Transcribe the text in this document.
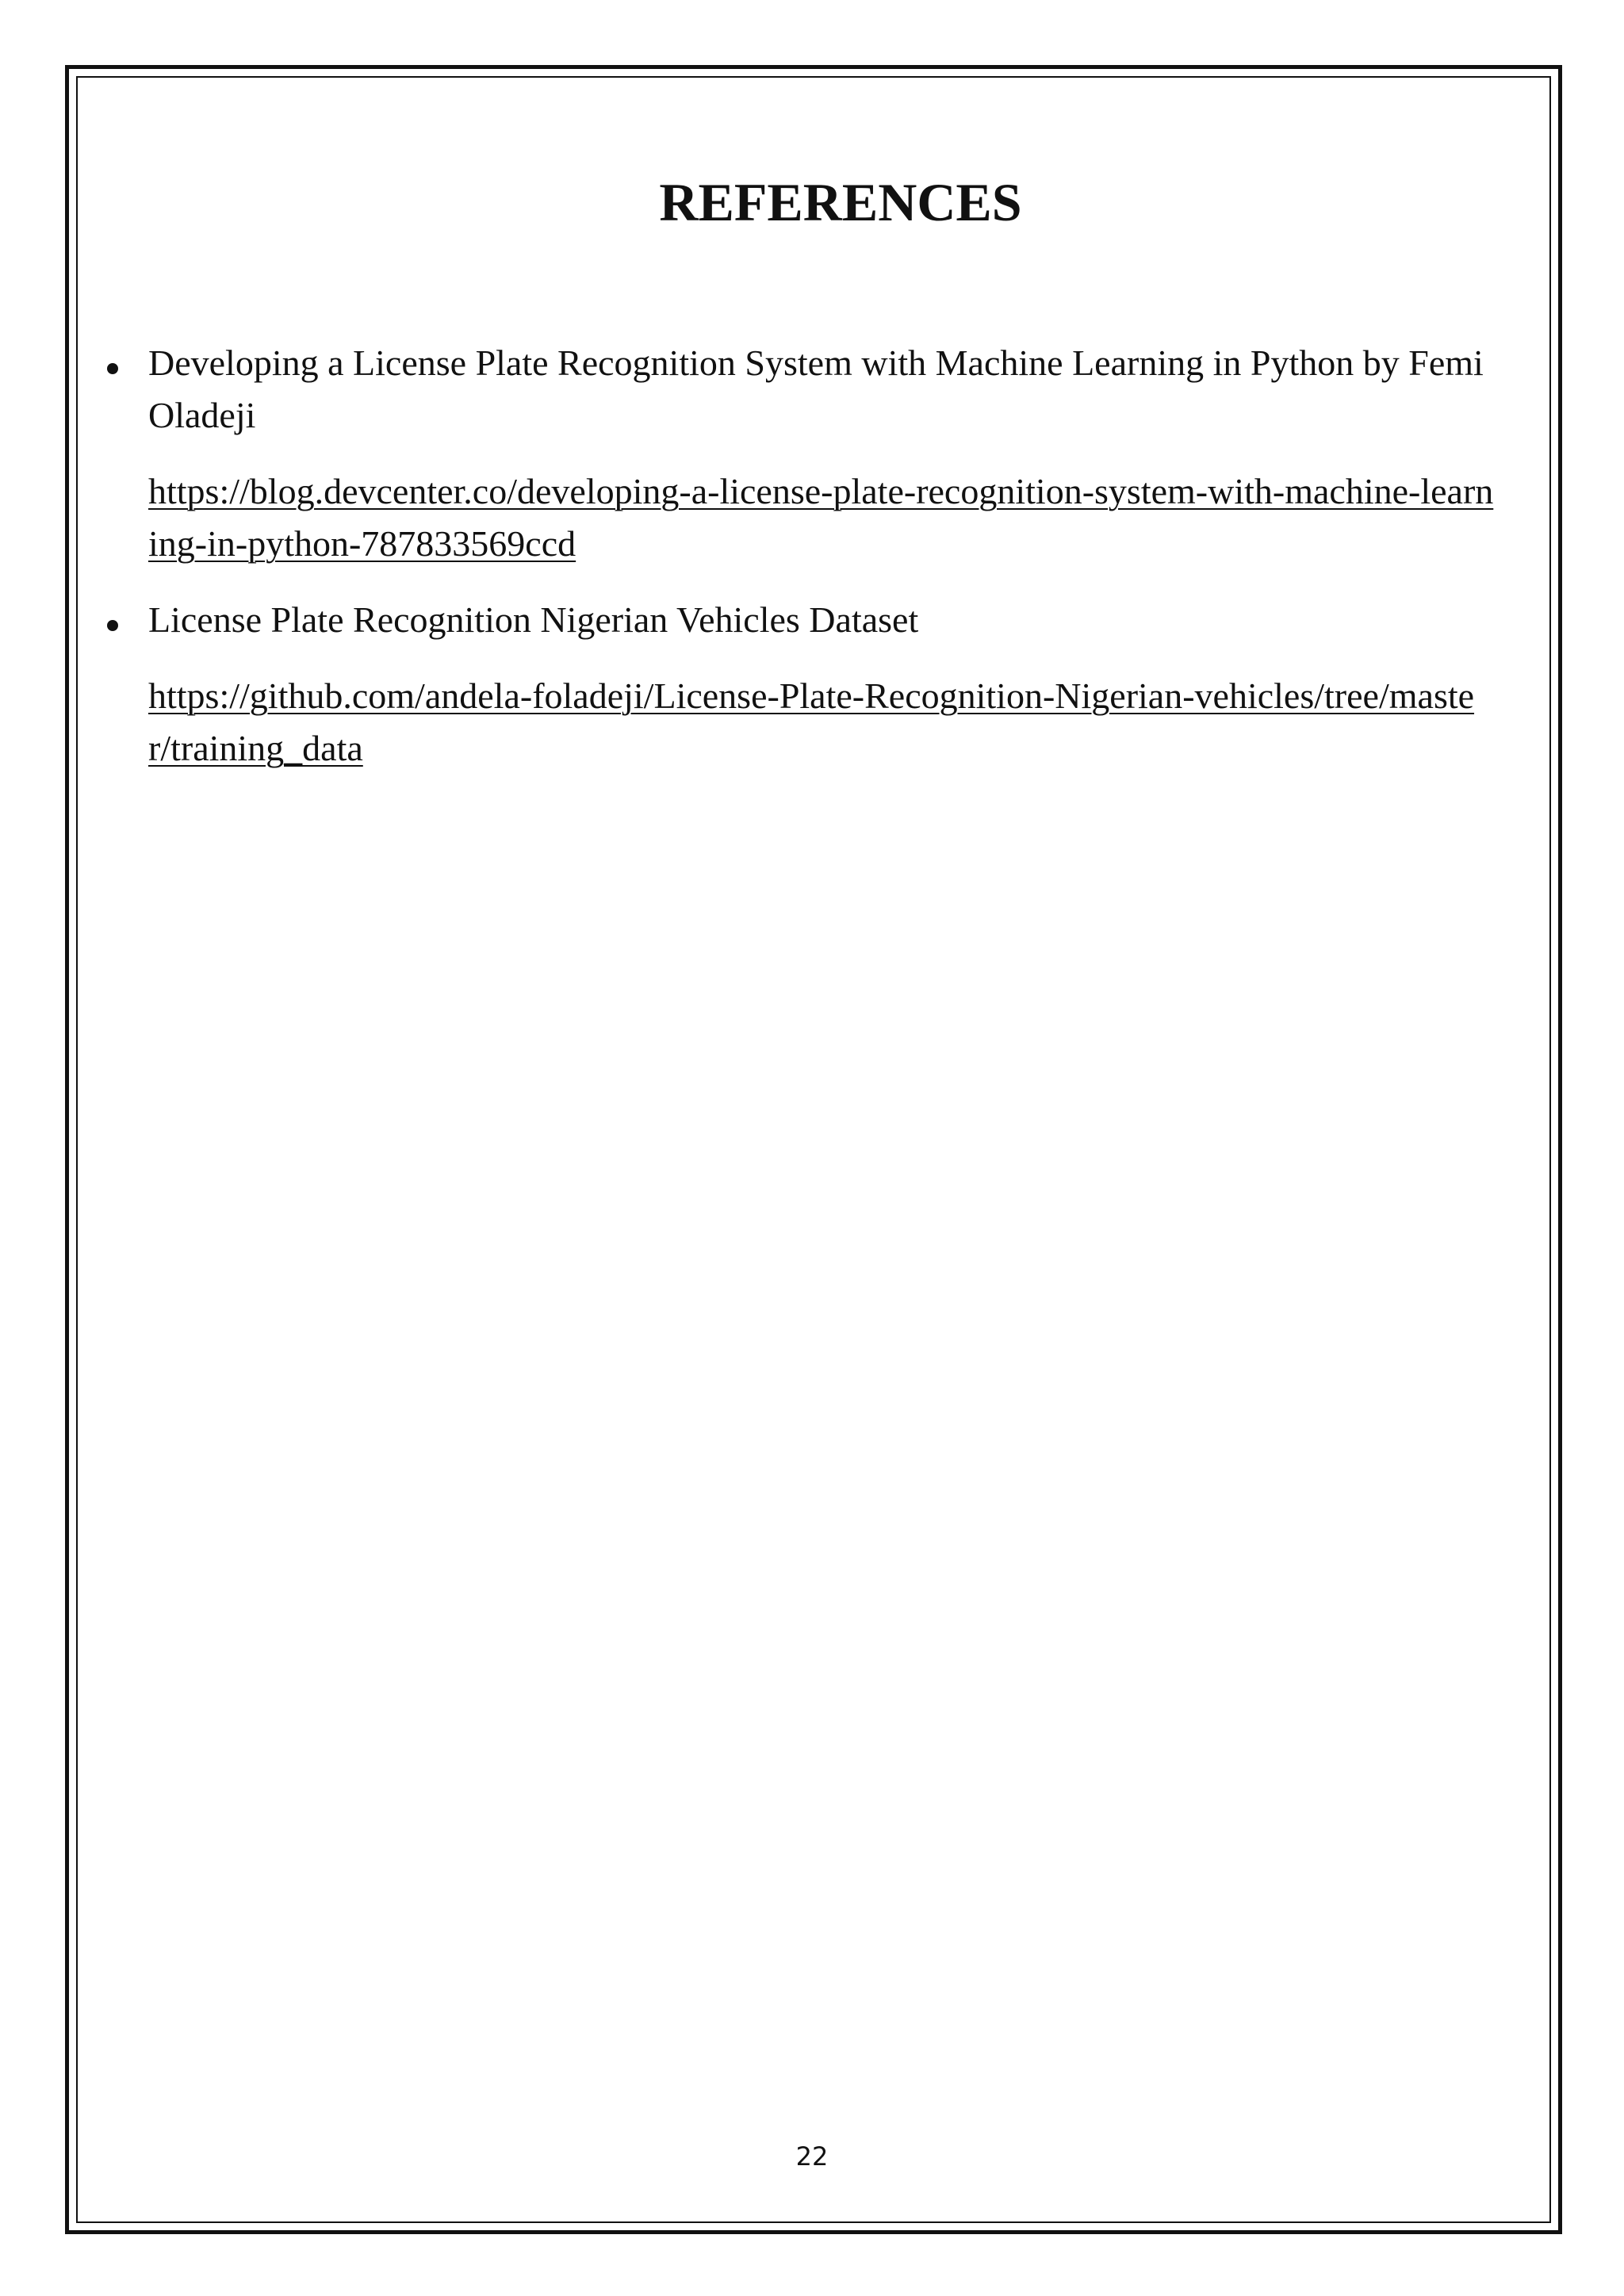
REFERENCES

Developing a License Plate Recognition System with Machine Learning in Python by Femi Oladeji

https://blog.devcenter.co/developing-a-license-plate-recognition-system-with-machine-learning-in-python-787833569ccd

License Plate Recognition Nigerian Vehicles Dataset

https://github.com/andela-foladeji/License-Plate-Recognition-Nigerian-vehicles/tree/master/training_data
22
